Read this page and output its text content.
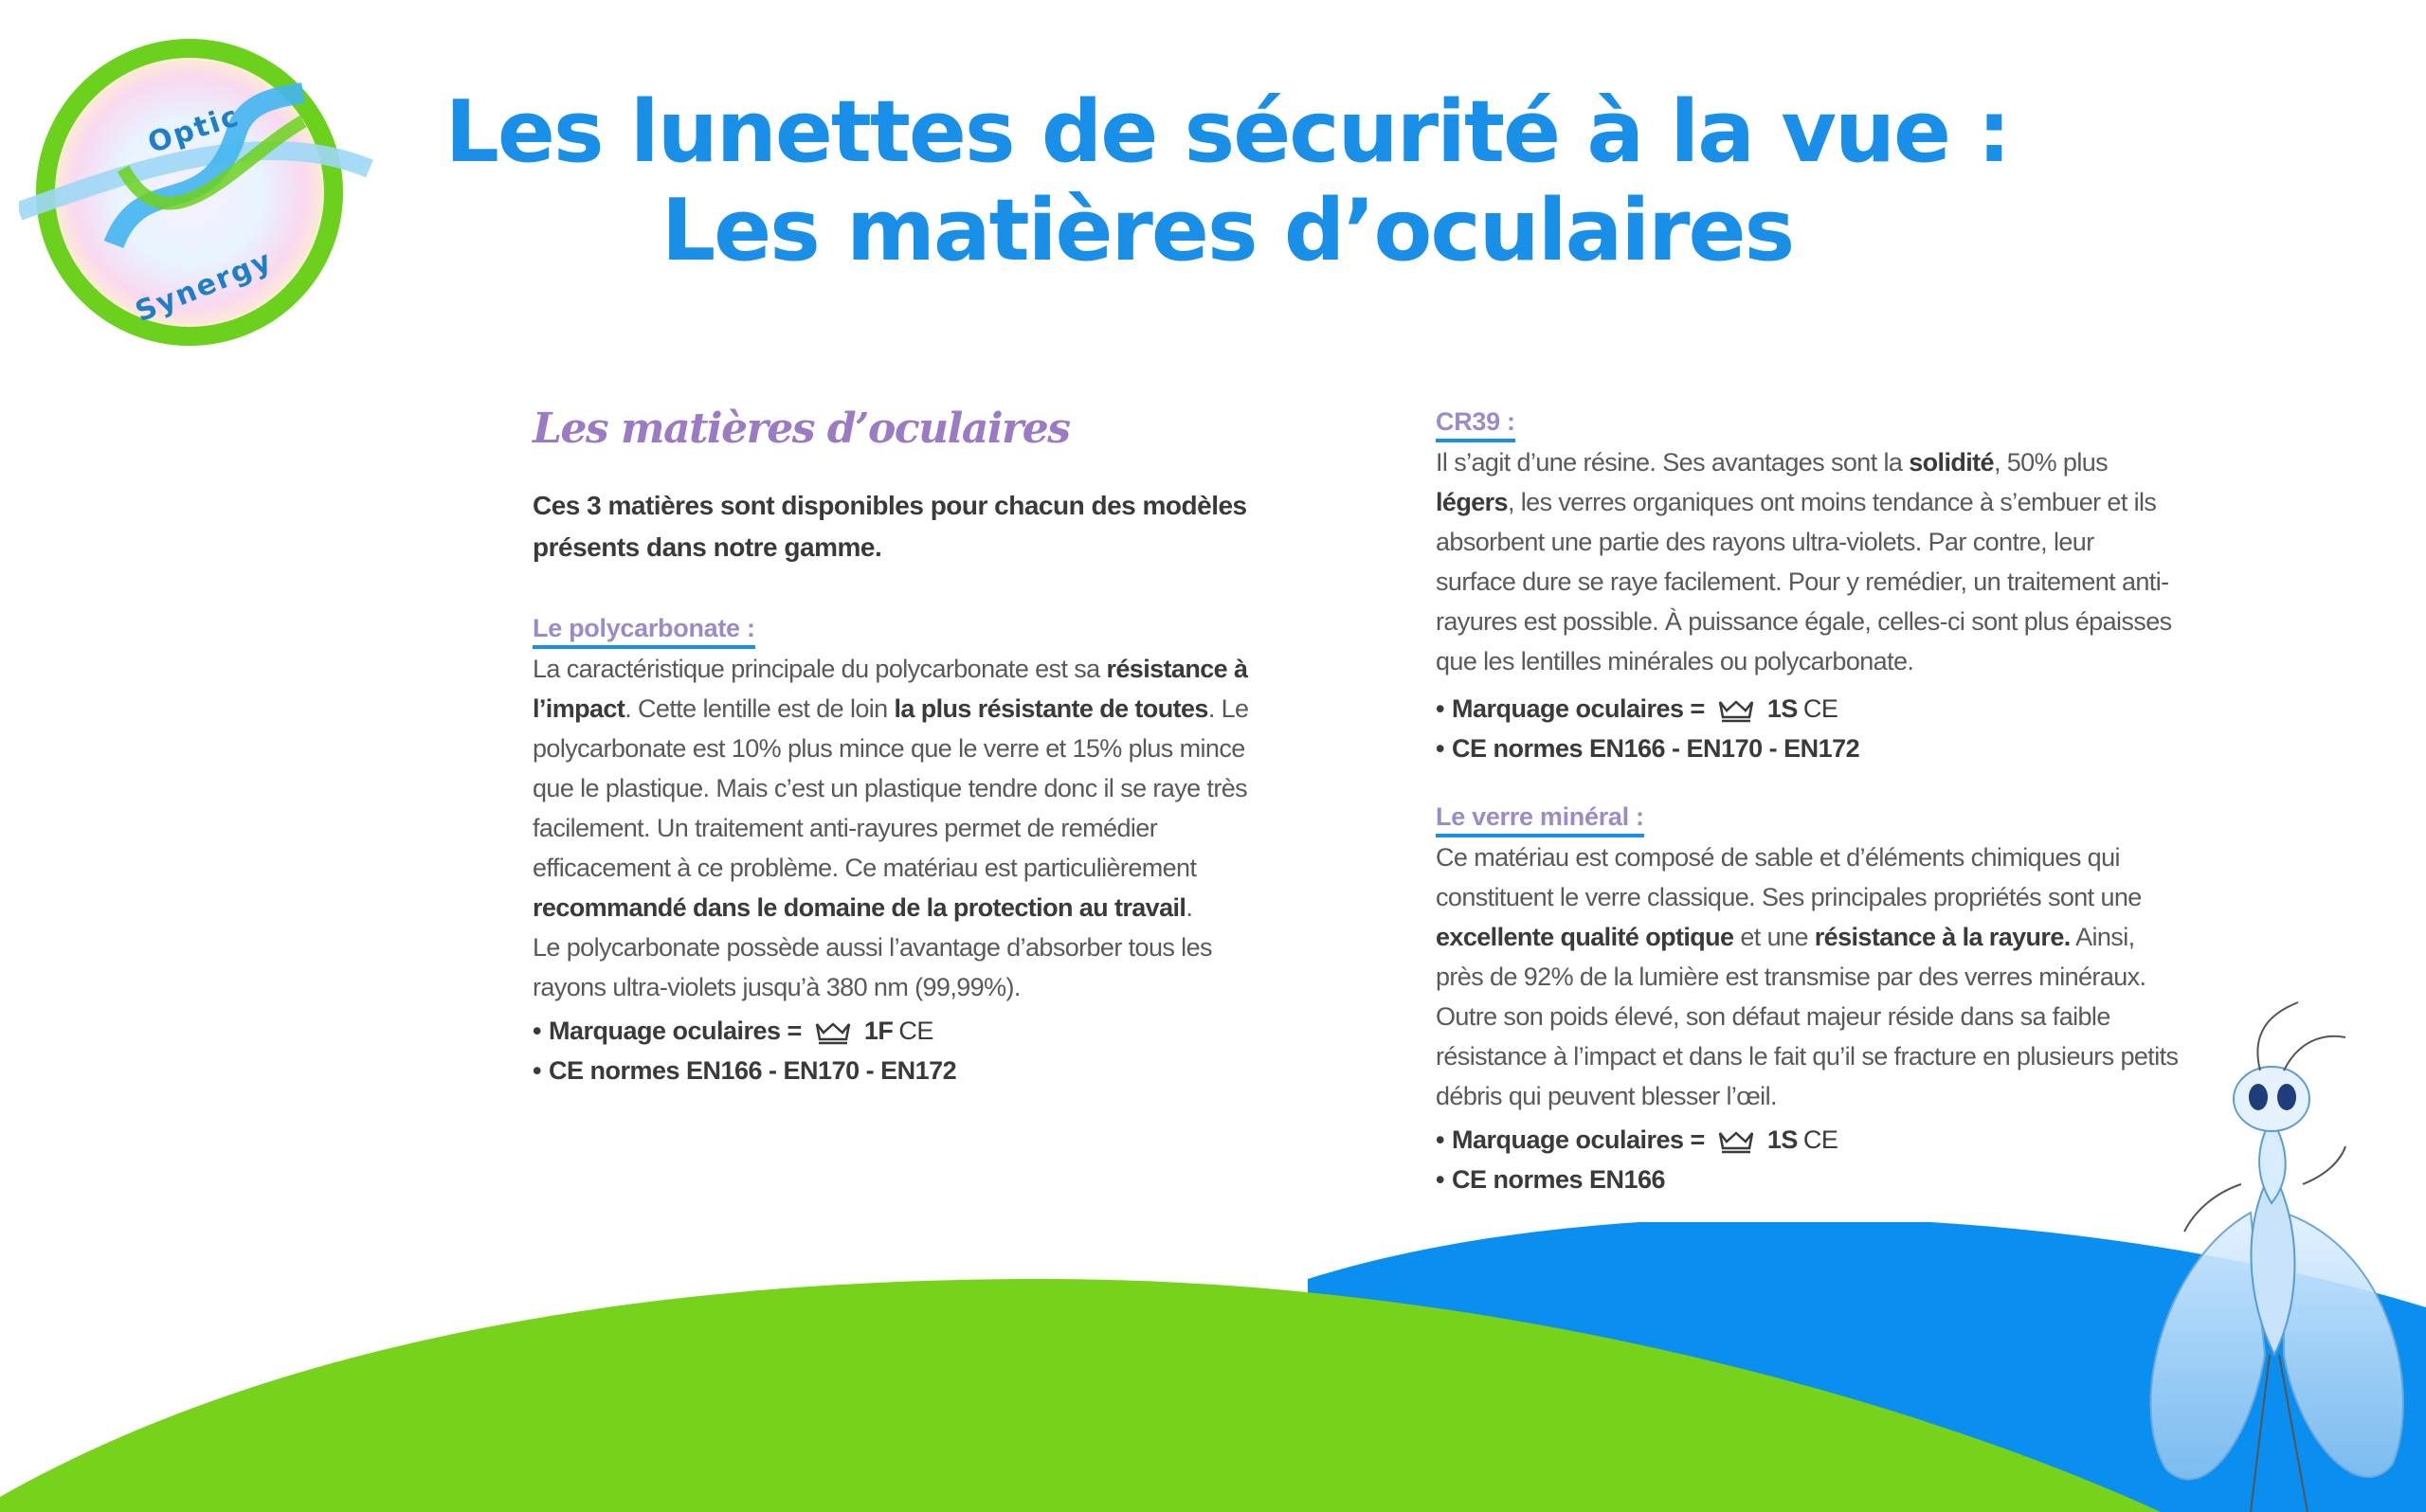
Optic
Synergy
Les lunettes de sécurité à la vue :
Les matières d’oculaires
Les matières d’oculaires
Ces 3 matières sont disponibles pour chacun des modèles présents dans notre gamme.
Le polycarbonate :
La caractéristique principale du polycarbonate est sa résistance à l’impact. Cette lentille est de loin la plus résistante de toutes. Le polycarbonate est 10% plus mince que le verre et 15% plus mince que le plastique. Mais c’est un plastique tendre donc il se raye très facilement. Un traitement anti-rayures permet de remédier efficacement à ce problème. Ce matériau est particulièrement recommandé dans le domaine de la protection au travail.
Le polycarbonate possède aussi l’avantage d’absorber tous les rayons ultra-violets jusqu’à 380 nm (99,99%).
• Marquage oculaires = 1F CE
• CE normes EN166 - EN170 - EN172
CR39 :
Il s’agit d’une résine. Ses avantages sont la solidité, 50% plus légers, les verres organiques ont moins tendance à s’embuer et ils absorbent une partie des rayons ultra-violets. Par contre, leur surface dure se raye facilement. Pour y remédier, un traitement anti-rayures est possible. À puissance égale, celles-ci sont plus épaisses que les lentilles minérales ou polycarbonate.
• Marquage oculaires = 1S CE
• CE normes EN166 - EN170 - EN172
Le verre minéral :
Ce matériau est composé de sable et d’éléments chimiques qui constituent le verre classique. Ses principales propriétés sont une excellente qualité optique et une résistance à la rayure. Ainsi, près de 92% de la lumière est transmise par des verres minéraux. Outre son poids élevé, son défaut majeur réside dans sa faible résistance à l’impact et dans le fait qu’il se fracture en plusieurs petits débris qui peuvent blesser l’œil.
• Marquage oculaires = 1S CE
• CE normes EN166
